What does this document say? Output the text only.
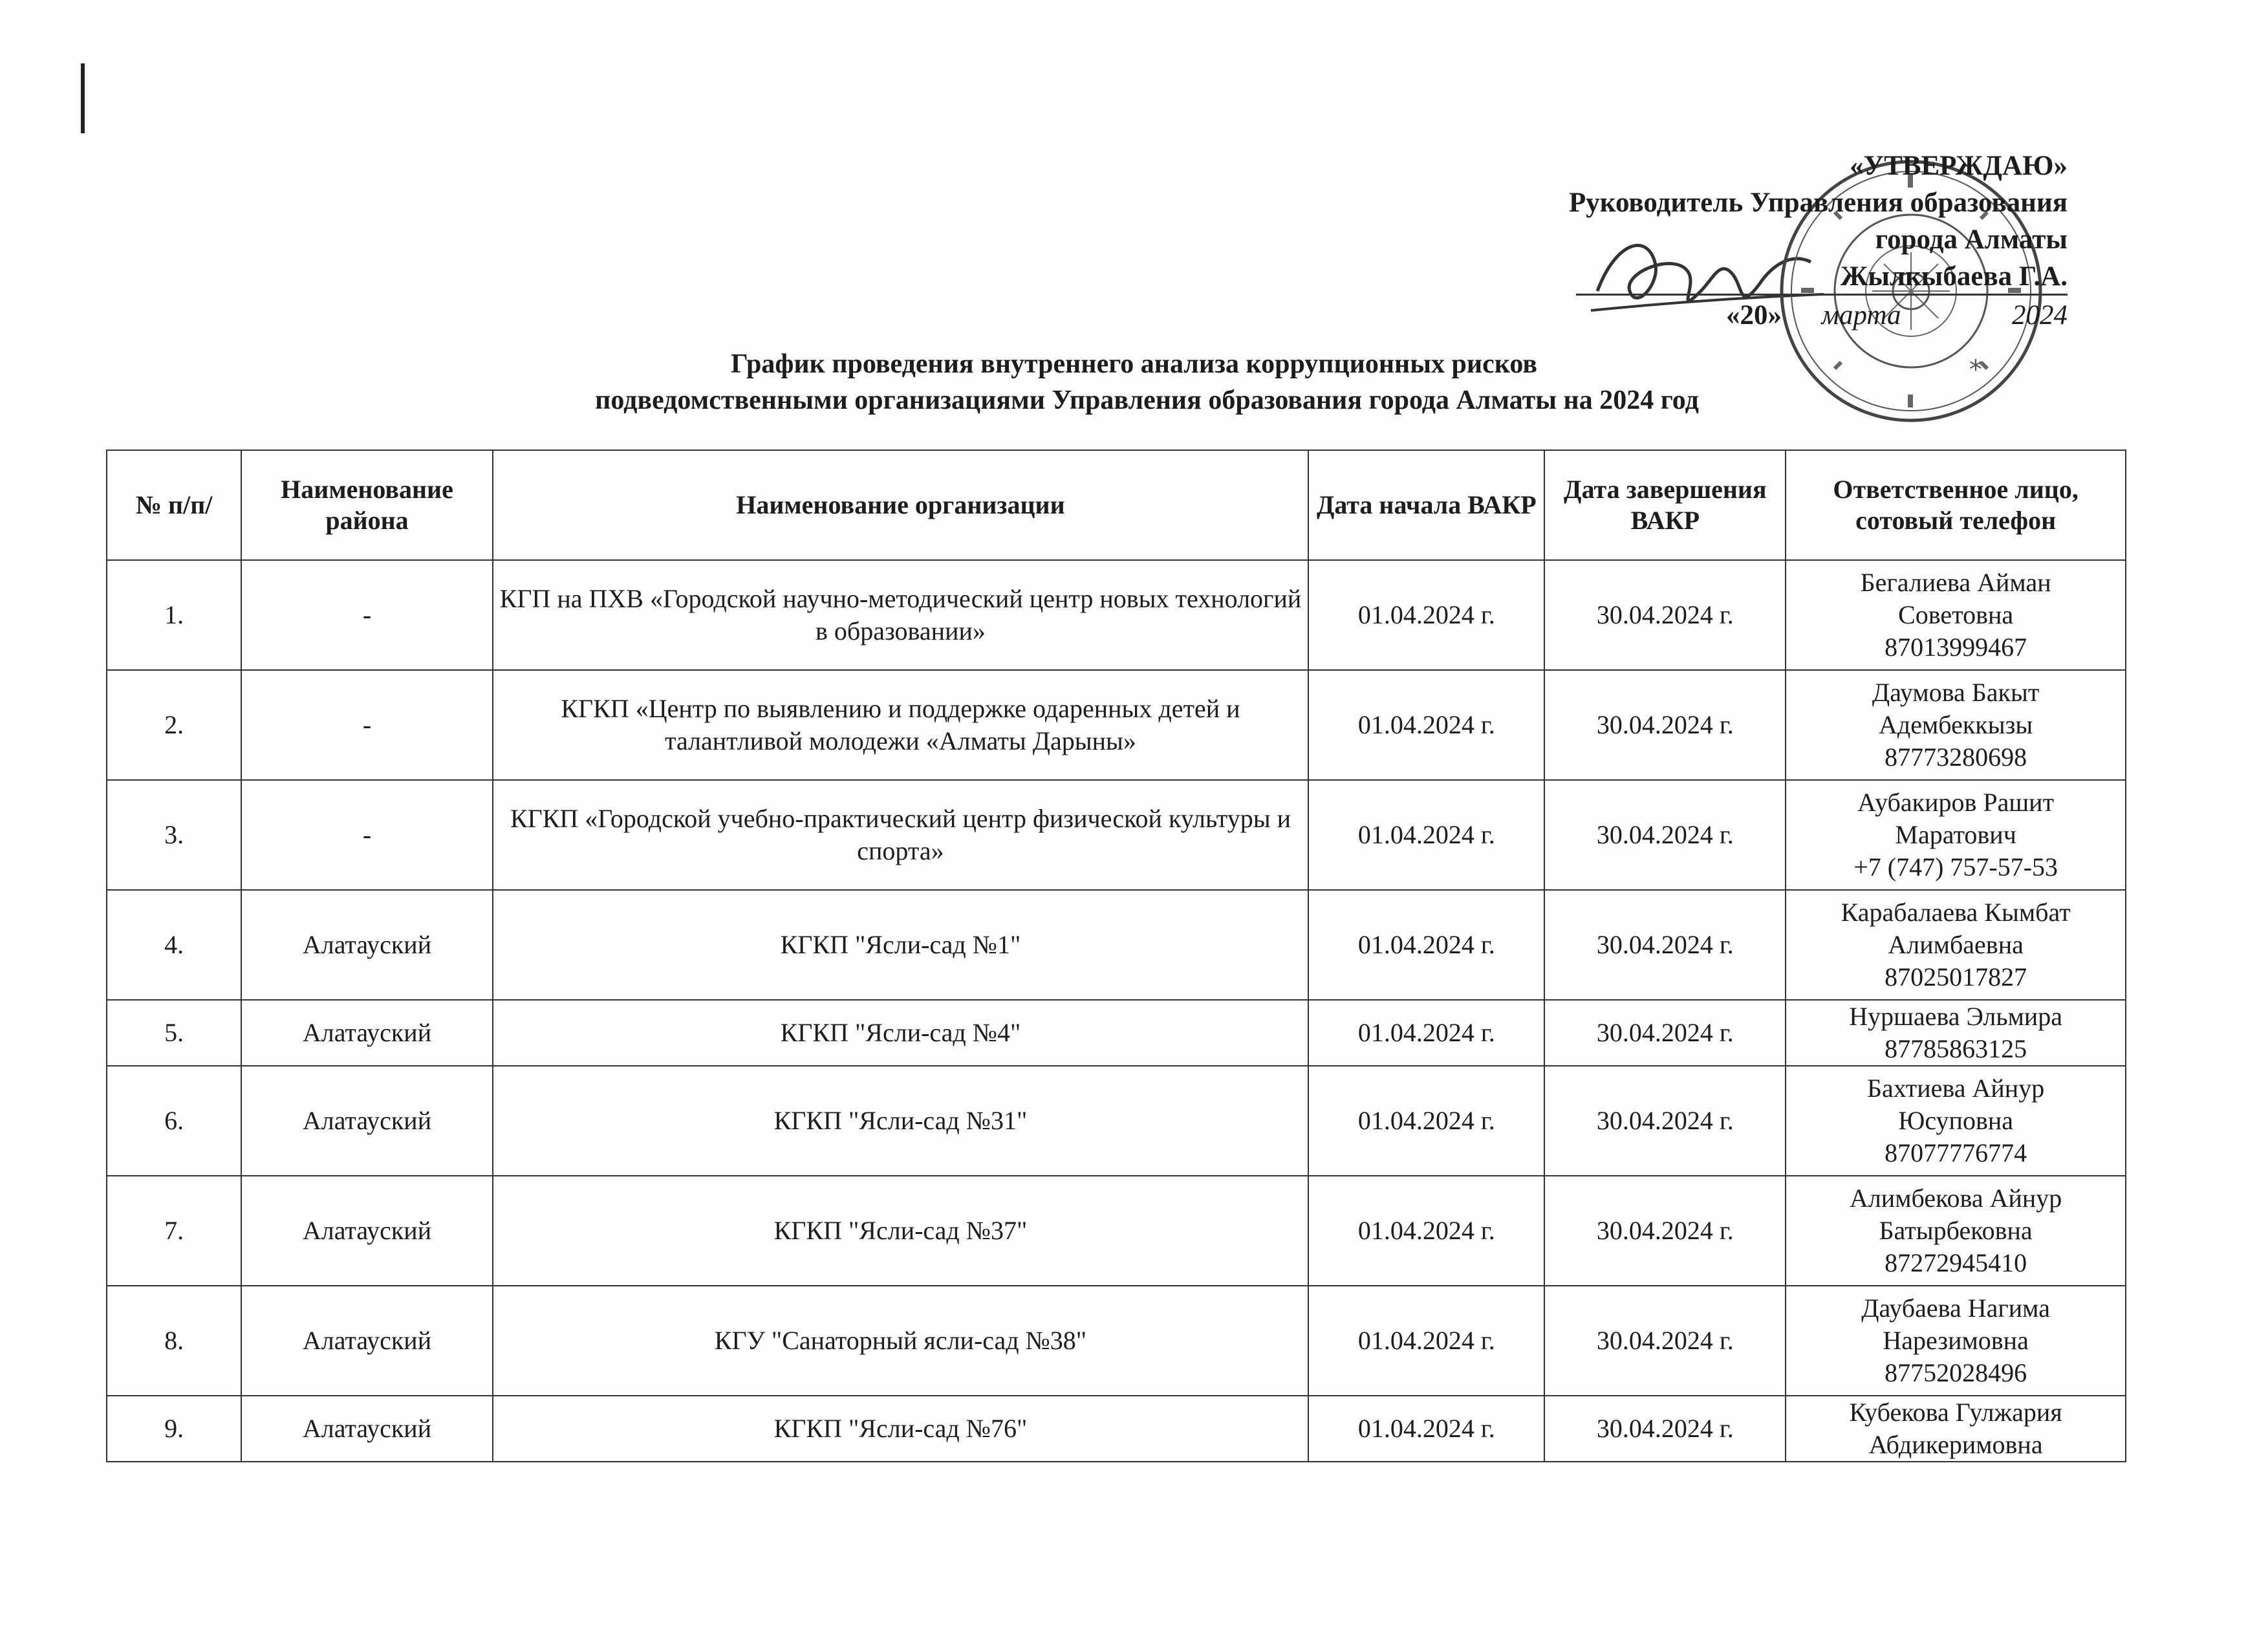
*
«УТВЕРЖДАЮ»
Руководитель Управления образования
города Алматы
Жылкыбаева Г.А.
«20» марта	2024
График проведения внутреннего анализа коррупционных рисков

подведомственными организациями Управления образования города Алматы на 2024 год
№ п/п/	Наименование района	Наименование организации	Дата начала ВАКР	Дата завершения ВАКР	Ответственное лицо, сотовый телефон
1.	-	КГП на ПХВ «Городской научно-методический центр новых технологий в образовании»	01.04.2024 г.	30.04.2024 г.	Бегалиева Айман
Советовна
87013999467

2.	-	КГКП «Центр по выявлению и поддержке одаренных детей и талантливой молодежи «Алматы Дарыны»	01.04.2024 г.	30.04.2024 г.	Даумова Бакыт
Адембеккызы
87773280698

3.	-	КГКП «Городской учебно-практический центр физической культуры и спорта»	01.04.2024 г.	30.04.2024 г.	Аубакиров Рашит
Маратович
+7 (747) 757-57-53

4.	Алатауский	КГКП "Ясли-сад №1"	01.04.2024 г.	30.04.2024 г.	Карабалаева Кымбат
Алимбаевна
87025017827

5.	Алатауский	КГКП "Ясли-сад №4"	01.04.2024 г.	30.04.2024 г.	Нуршаева Эльмира
87785863125

6.	Алатауский	КГКП "Ясли-сад №31"	01.04.2024 г.	30.04.2024 г.	Бахтиева Айнур
Юсуповна
87077776774

7.	Алатауский	КГКП "Ясли-сад №37"	01.04.2024 г.	30.04.2024 г.	Алимбекова Айнур
Батырбековна
87272945410

8.	Алатауский	КГУ "Санаторный ясли-сад №38"	01.04.2024 г.	30.04.2024 г.	Даубаева Нагима
Нарезимовна
87752028496

9.	Алатауский	КГКП "Ясли-сад №76"	01.04.2024 г.	30.04.2024 г.	Кубекова Гулжария
Абдикеримовна
